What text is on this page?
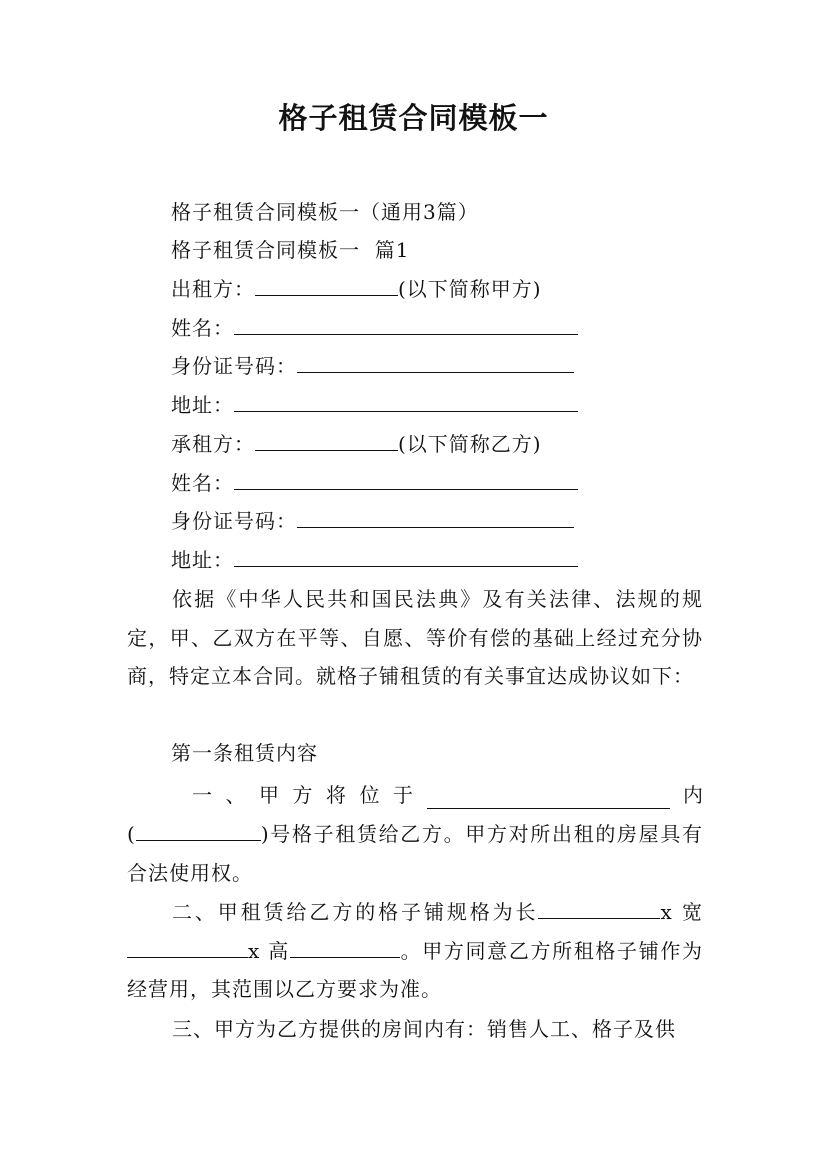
格子租赁合同模板一
格子租赁合同模板一（通用3篇）
格子租赁合同模板一  篇1
出租方：	(以下简称甲方)
姓名：
身份证号码：
地址：
承租方：	(以下简称乙方)
姓名：
身份证号码：
地址：
依据《中华人民共和国民法典》及有关法律、法规的规定，甲、乙双方在平等、自愿、等价有偿的基础上经过充分协商，特定立本合同。就格子铺租赁的有关事宜达成协议如下：
第一条租赁内容
一 、 甲 方 将 位 于	内
(	)号格子租赁给乙方。甲方对所出租的房屋具有合法使用权。
二、甲租赁给乙方的格子铺规格为长	x 宽x 高	。甲方同意乙方所租格子铺作为经营用，其范围以乙方要求为准。
三、甲方为乙方提供的房间内有：销售人工、格子及供
